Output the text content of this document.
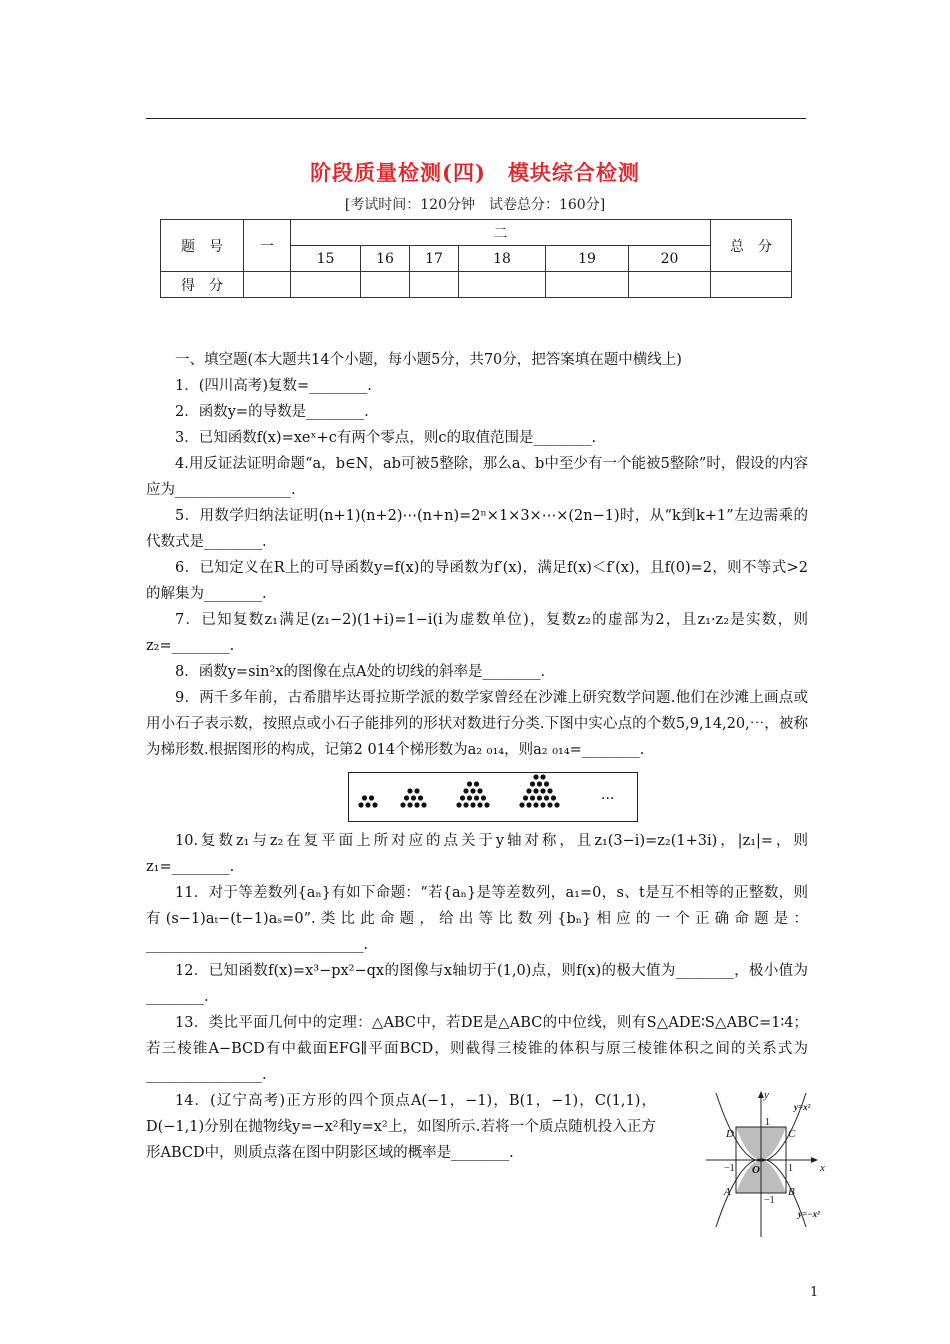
阶段质量检测(四)　模块综合检测
[考试时间：120分钟　试卷总分：160分]
题　号	一	二						总　分
		15	16	17	18	19	20	
得　分								

一、填空题(本大题共14个小题，每小题5分，共70分，把答案填在题中横线上)

1．(四川高考)复数=________.

2．函数y=的导数是________.

3．已知函数f(x)=xeˣ+c有两个零点，则c的取值范围是________.

4.用反证法证明命题“a，b∈N，ab可被5整除，那么a、b中至少有一个能被5整除”时，假设的内容应为________________.

5．用数学归纳法证明(n+1)(n+2)⋯(n+n)=2ⁿ×1×3×⋯×(2n−1)时，从“k到k+1”左边需乘的代数式是________.

6．已知定义在R上的可导函数y=f(x)的导函数为f′(x)，满足f(x)＜f′(x)，且f(0)=2，则不等式>2的解集为________.

7．已知复数z₁满足(z₁−2)(1+i)=1−i(i为虚数单位)，复数z₂的虚部为2，且z₁·z₂是实数，则z₂=________.

8．函数y=sin²x的图像在点A处的切线的斜率是________.

9．两千多年前，古希腊毕达哥拉斯学派的数学家曾经在沙滩上研究数学问题.他们在沙滩上画点或用小石子表示数，按照点或小石子能排列的形状对数进行分类.下图中实心点的个数5,9,14,20,⋯，被称为梯形数.根据图形的构成，记第2 014个梯形数为a₂ ₀₁₄，则a₂ ₀₁₄=________.

···

10.复数z₁与z₂在复平面上所对应的点关于y轴对称，且z₁(3−i)=z₂(1+3i)，|z₁|=，则z₁=________.

11．对于等差数列{aₙ}有如下命题：“若{aₙ}是等差数列，a₁=0，s、t是互不相等的正整数，则有(s−1)aₜ−(t−1)aₛ=0”.类比此命题，给出等比数列{bₙ}相应的一个正确命题是：______________________________.

12．已知函数f(x)=x³−px²−qx的图像与x轴切于(1,0)点，则f(x)的极大值为________，极小值为________.

13．类比平面几何中的定理：△ABC中，若DE是△ABC的中位线，则有S△ADE∶S△ABC=1∶4；若三棱锥A−BCD有中截面EFG∥平面BCD，则截得三棱锥的体积与原三棱锥体积之间的关系式为________________.

14．(辽宁高考)正方形的四个顶点A(−1，−1)，B(1，−1)，C(1,1)，D(−1,1)分别在抛物线y=−x²和y=x²上，如图所示.若将一个质点随机投入正方形ABCD中，则质点落在图中阴影区域的概率是________.

y
x
O
y=x²
y=−x²
D	C
A	B
1
−1	1
−1
1
